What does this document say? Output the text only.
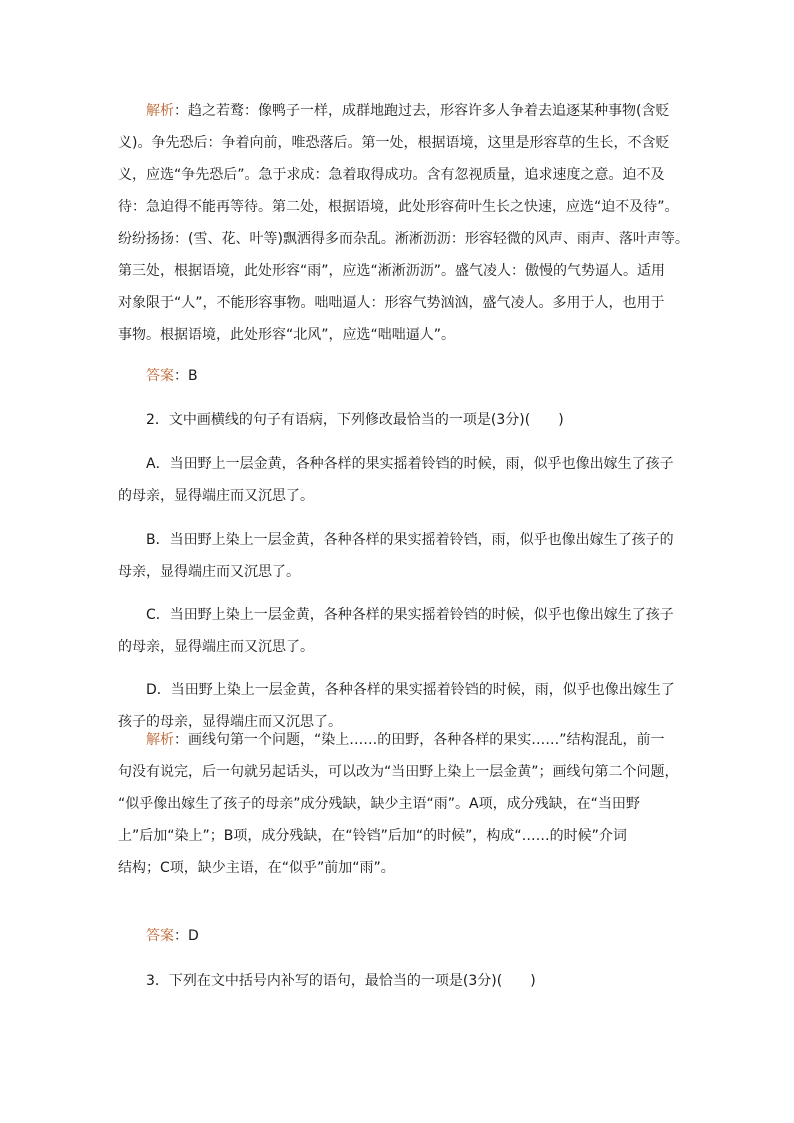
解析：趋之若鹜：像鸭子一样，成群地跑过去，形容许多人争着去追逐某种事物(含贬
义)。争先恐后：争着向前，唯恐落后。第一处，根据语境，这里是形容草的生长，不含贬
义，应选“争先恐后”。急于求成：急着取得成功。含有忽视质量，追求速度之意。迫不及
待：急迫得不能再等待。第二处，根据语境，此处形容荷叶生长之快速，应选“迫不及待”。
纷纷扬扬：(雪、花、叶等)飘洒得多而杂乱。淅淅沥沥：形容轻微的风声、雨声、落叶声等。
第三处，根据语境，此处形容“雨”，应选“淅淅沥沥”。盛气凌人：傲慢的气势逼人。适用
对象限于“人”，不能形容事物。咄咄逼人：形容气势汹汹，盛气凌人。多用于人，也用于
事物。根据语境，此处形容“北风”，应选“咄咄逼人”。
答案：B
2．文中画横线的句子有语病，下列修改最恰当的一项是(3分)(　　)
A．当田野上一层金黄，各种各样的果实摇着铃铛的时候，雨，似乎也像出嫁生了孩子
的母亲，显得端庄而又沉思了。
B．当田野上染上一层金黄，各种各样的果实摇着铃铛，雨，似乎也像出嫁生了孩子的
母亲，显得端庄而又沉思了。
C．当田野上染上一层金黄，各种各样的果实摇着铃铛的时候，似乎也像出嫁生了孩子
的母亲，显得端庄而又沉思了。
D．当田野上染上一层金黄，各种各样的果实摇着铃铛的时候，雨，似乎也像出嫁生了
孩子的母亲，显得端庄而又沉思了。
解析：画线句第一个问题，“染上……的田野，各种各样的果实……”结构混乱，前一
句没有说完，后一句就另起话头，可以改为“当田野上染上一层金黄”；画线句第二个问题，
“似乎像出嫁生了孩子的母亲”成分残缺，缺少主语“雨”。A项，成分残缺，在“当田野
上”后加“染上”；B项，成分残缺，在“铃铛”后加“的时候”，构成“……的时候”介词
结构；C项，缺少主语，在“似乎”前加“雨”。
答案：D
3．下列在文中括号内补写的语句，最恰当的一项是(3分)(　　)
